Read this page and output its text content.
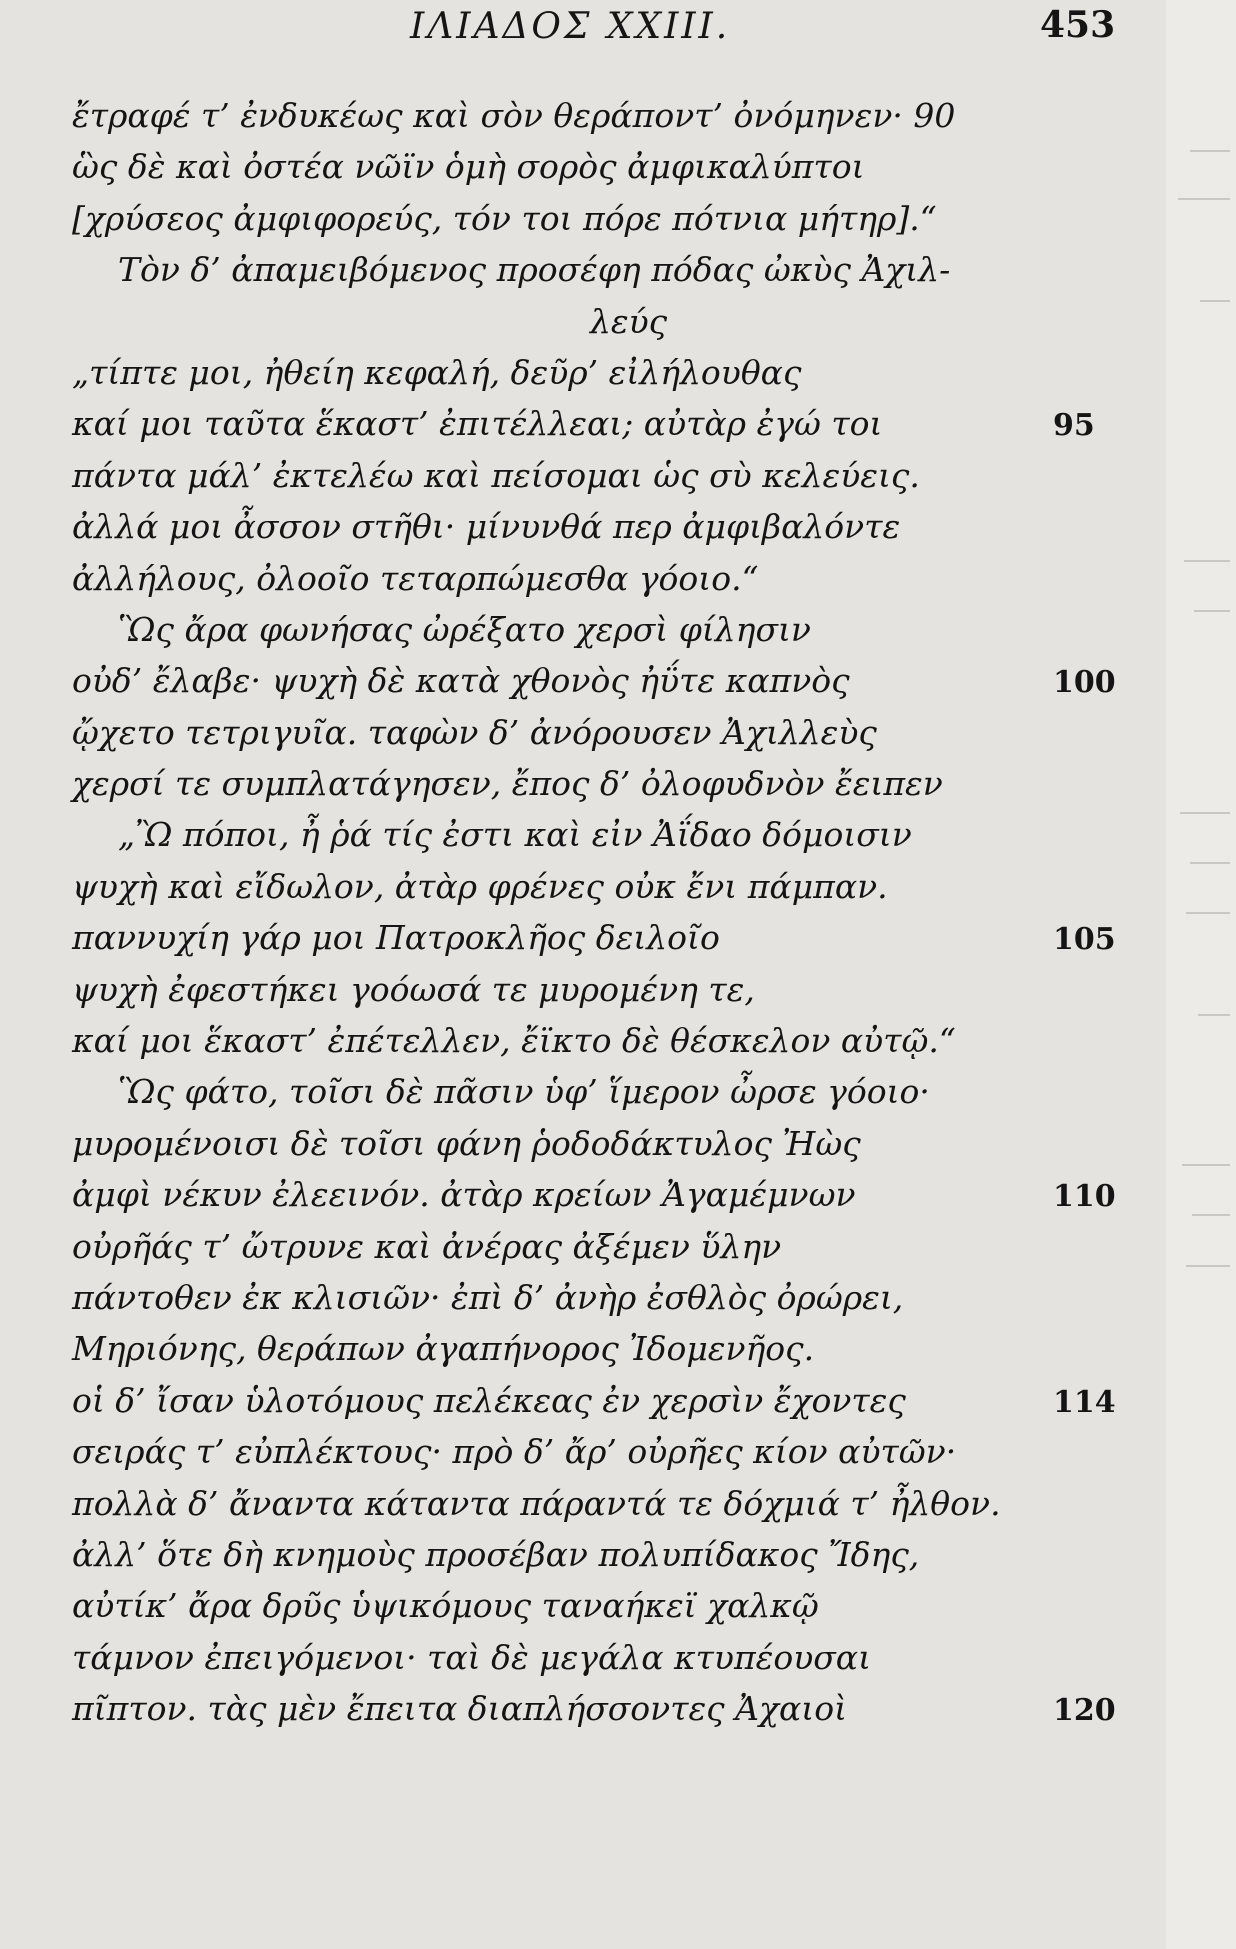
ΙΛΙΑΔΟΣ XXIII.	453
ἔτραφέ τ’ ἐνδυκέως καὶ σὸν θεράποντ’ ὀνόμηνεν· 90
ὣς δὲ καὶ ὀστέα νῶϊν ὁμὴ σορὸς ἀμφικαλύπτοι
[χρύσεος ἀμφιφορεύς, τόν τοι πόρε πότνια μήτηρ].“
Τὸν δ’ ἀπαμειβόμενος προσέφη πόδας ὠκὺς Ἀχιλ-
λεύς
„τίπτε μοι, ἠθείη κεφαλή, δεῦρ’ εἰλήλουθας
καί μοι ταῦτα ἕκαστ’ ἐπιτέλλεαι; αὐτὰρ ἐγώ τοι	95
πάντα μάλ’ ἐκτελέω καὶ πείσομαι ὡς σὺ κελεύεις.
ἀλλά μοι ἆσσον στῆθι· μίνυνθά περ ἀμφιβαλόντε
ἀλλήλους, ὀλοοῖο τεταρπώμεσθα γόοιο.“
Ὣς ἄρα φωνήσας ὠρέξατο χερσὶ φίλησιν
οὐδ’ ἔλαβε· ψυχὴ δὲ κατὰ χθονὸς ἠΰτε καπνὸς	100
ᾤχετο τετριγυῖα. ταφὼν δ’ ἀνόρουσεν Ἀχιλλεὺς
χερσί τε συμπλατάγησεν, ἔπος δ’ ὀλοφυδνὸν ἔειπεν
„Ὢ πόποι, ἦ ῥά τίς ἐστι καὶ εἰν Ἀΐδαο δόμοισιν
ψυχὴ καὶ εἴδωλον, ἀτὰρ φρένες οὐκ ἔνι πάμπαν.
παννυχίη γάρ μοι Πατροκλῆος δειλοῖο	105
ψυχὴ ἐφεστήκει γοόωσά τε μυρομένη τε,
καί μοι ἕκαστ’ ἐπέτελλεν, ἔϊκτο δὲ θέσκελον αὐτῷ.“
Ὣς φάτο, τοῖσι δὲ πᾶσιν ὑφ’ ἵμερον ὦρσε γόοιο·
μυρομένοισι δὲ τοῖσι φάνη ῥοδοδάκτυλος Ἠὼς
ἀμφὶ νέκυν ἐλεεινόν. ἀτὰρ κρείων Ἀγαμέμνων	110
οὐρῆάς τ’ ὤτρυνε καὶ ἀνέρας ἀξέμεν ὕλην
πάντοθεν ἐκ κλισιῶν· ἐπὶ δ’ ἀνὴρ ἐσθλὸς ὀρώρει,
Μηριόνης, θεράπων ἀγαπήνορος Ἰδομενῆος.
οἱ δ’ ἴσαν ὑλοτόμους πελέκεας ἐν χερσὶν ἔχοντες	114
σειράς τ’ εὐπλέκτους· πρὸ δ’ ἄρ’ οὐρῆες κίον αὐτῶν·
πολλὰ δ’ ἄναντα κάταντα πάραντά τε δόχμιά τ’ ἦλθον.
ἀλλ’ ὅτε δὴ κνημοὺς προσέβαν πολυπίδακος Ἴδης,
αὐτίκ’ ἄρα δρῦς ὑψικόμους ταναήκεϊ χαλκῷ
τάμνον ἐπειγόμενοι· ταὶ δὲ μεγάλα κτυπέουσαι
πῖπτον. τὰς μὲν ἔπειτα διαπλήσσοντες Ἀχαιοὶ	120
